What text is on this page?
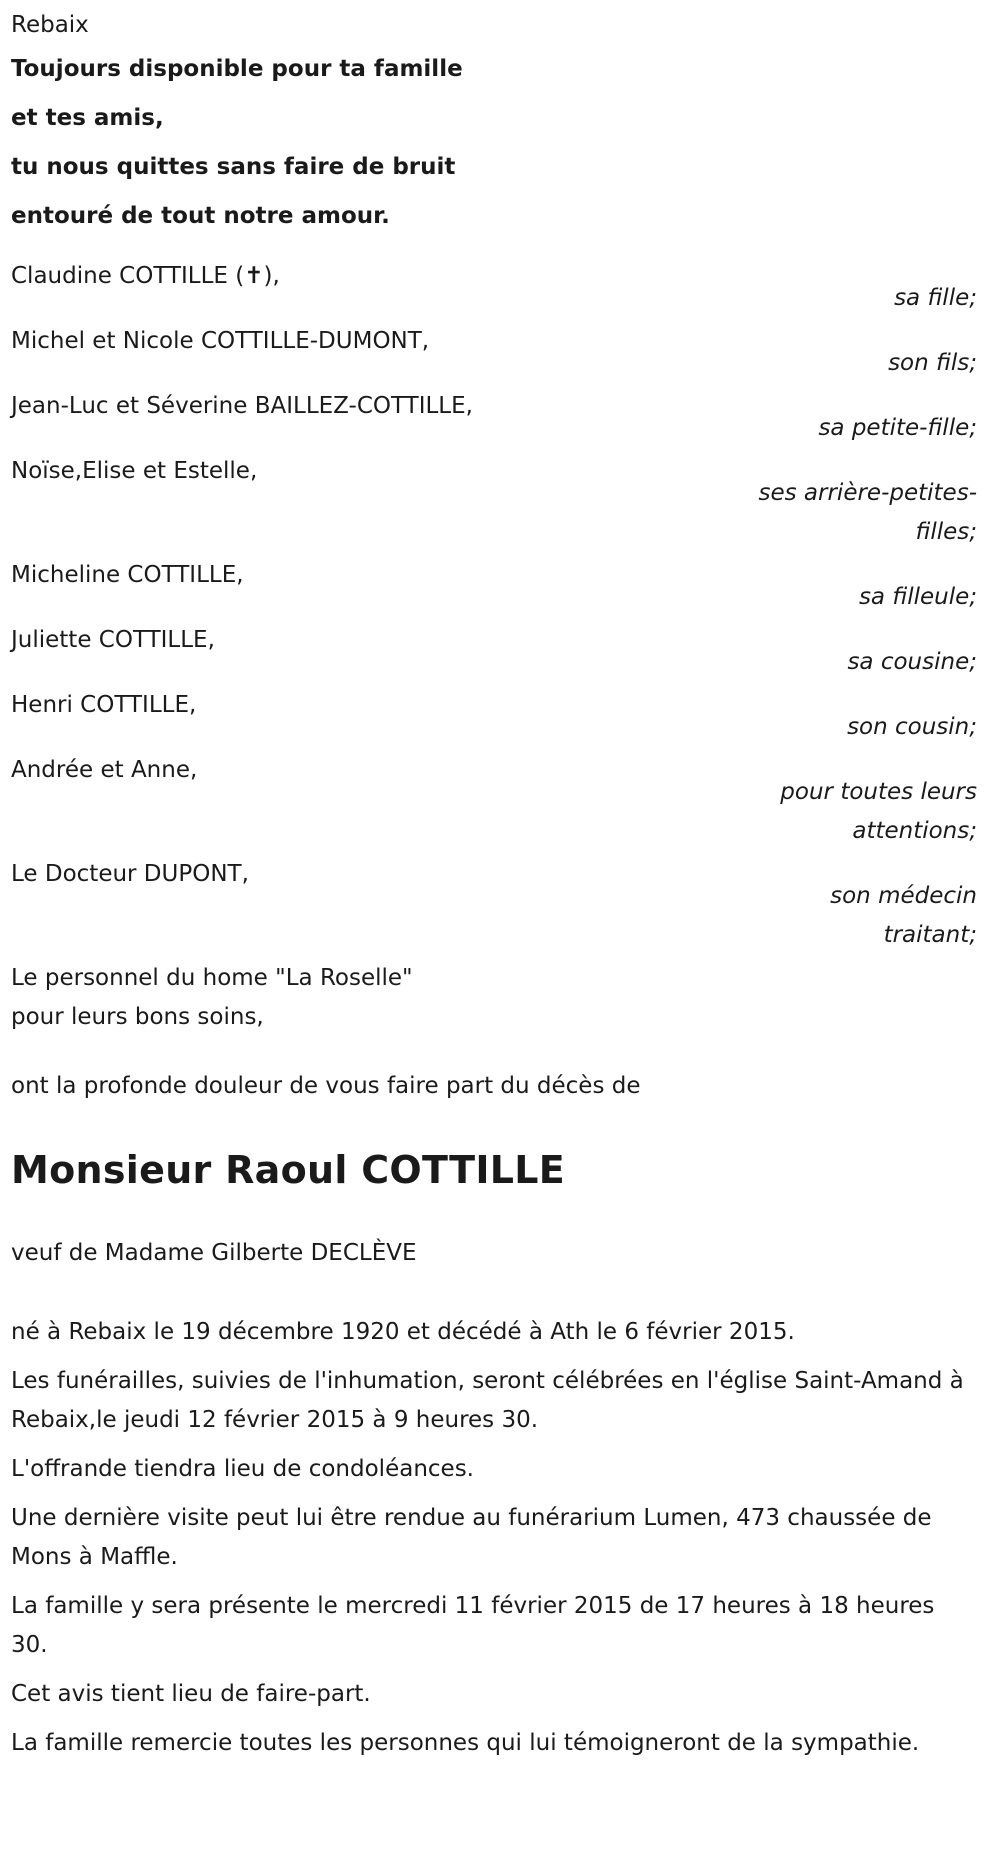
Rebaix

Toujours disponible pour ta famille

et tes amis,

tu nous quittes sans faire de bruit

entouré de tout notre amour.

Claudine COTTILLE (✝),
sa fille;
Michel et Nicole COTTILLE-DUMONT,
son fils;
Jean-Luc et Séverine BAILLEZ-COTTILLE,
sa petite-fille;
Noïse,Elise et Estelle,
ses arrière-petites-filles;
Micheline COTTILLE,
sa filleule;
Juliette COTTILLE,
sa cousine;
Henri COTTILLE,
son cousin;
Andrée et Anne,
pour toutes leurs attentions;
Le Docteur DUPONT,
son médecin traitant;

Le personnel du home "La Roselle"

pour leurs bons soins,

ont la profonde douleur de vous faire part du décès de

Monsieur Raoul COTTILLE

veuf de Madame Gilberte DECLÈVE

né à Rebaix le 19 décembre 1920 et décédé à Ath le 6 février 2015.

Les funérailles, suivies de l'inhumation, seront célébrées en l'église Saint-Amand à Rebaix,le jeudi 12 février 2015 à 9 heures 30.

L'offrande tiendra lieu de condoléances.

Une dernière visite peut lui être rendue au funérarium Lumen, 473 chaussée de Mons à Maffle.

La famille y sera présente le mercredi 11 février 2015 de 17 heures à 18 heures 30.

Cet avis tient lieu de faire-part.

La famille remercie toutes les personnes qui lui témoigneront de la sympathie.
